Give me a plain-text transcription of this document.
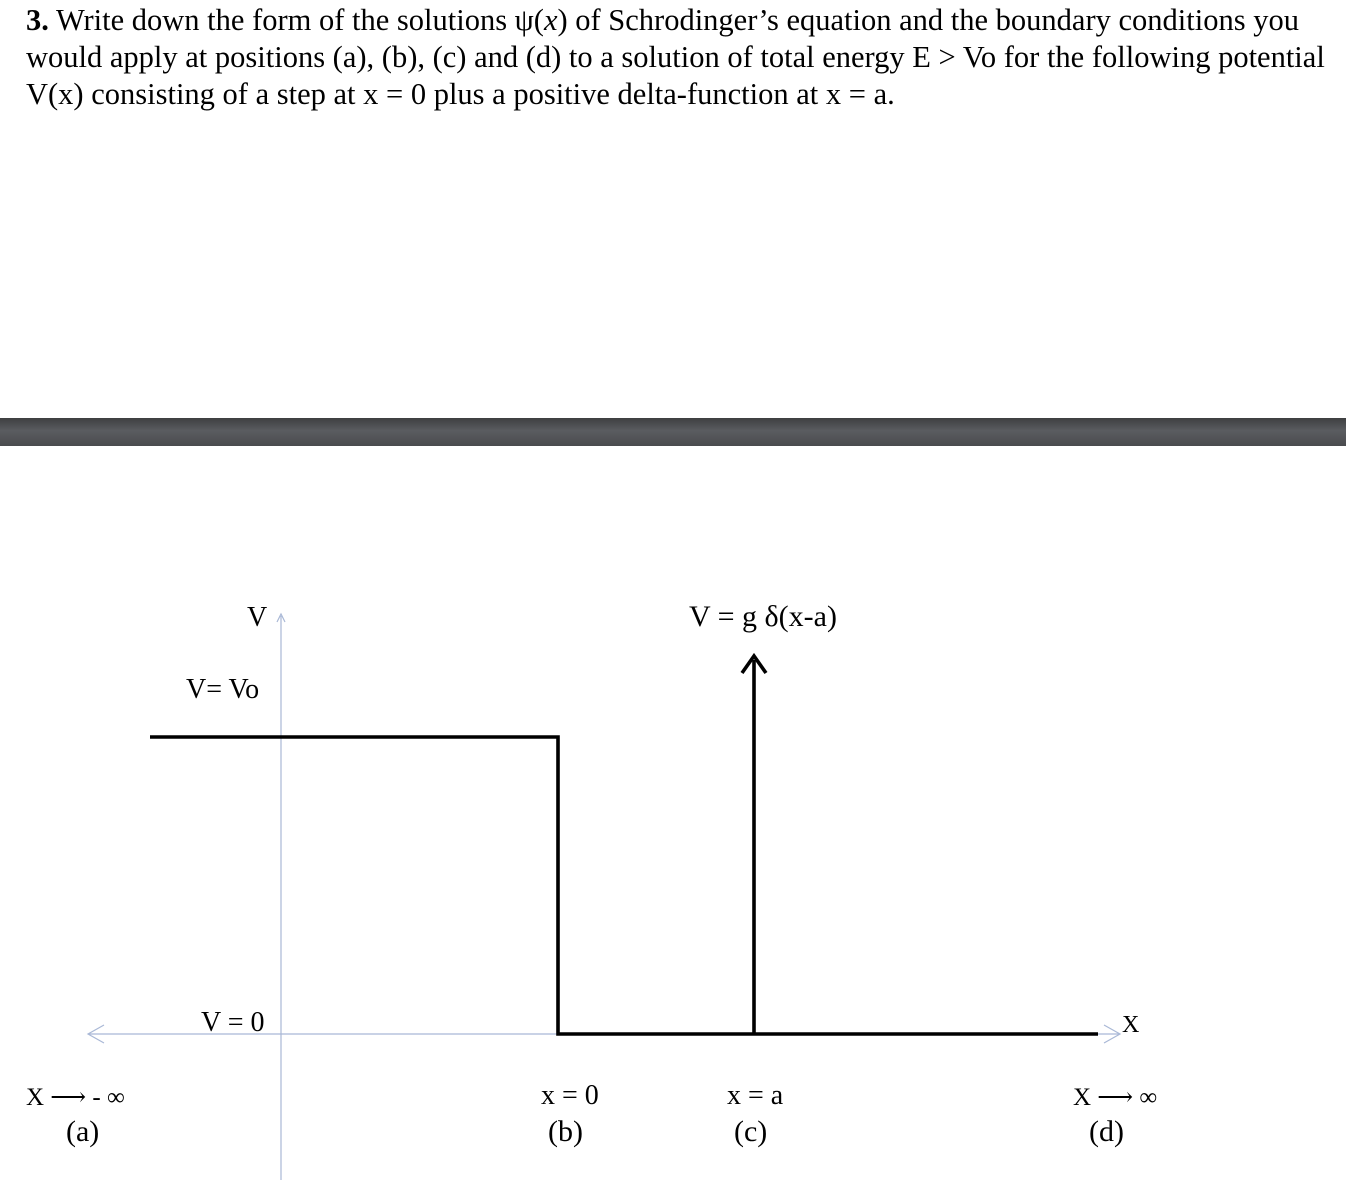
3. Write down the form of the solutions ψ(x) of Schrodinger’s equation and the boundary conditions you would apply at positions (a), (b), (c) and (d) to a solution of total energy E > Vo for the following potential V(x) consisting of a step at x = 0 plus a positive delta-function at x = a.
V
V= Vo
V = g δ(x-a)
V = 0	X
X ⟶ - ∞
(a)
x = 0
(b)
x = a
(c)
X ⟶ ∞
(d)
